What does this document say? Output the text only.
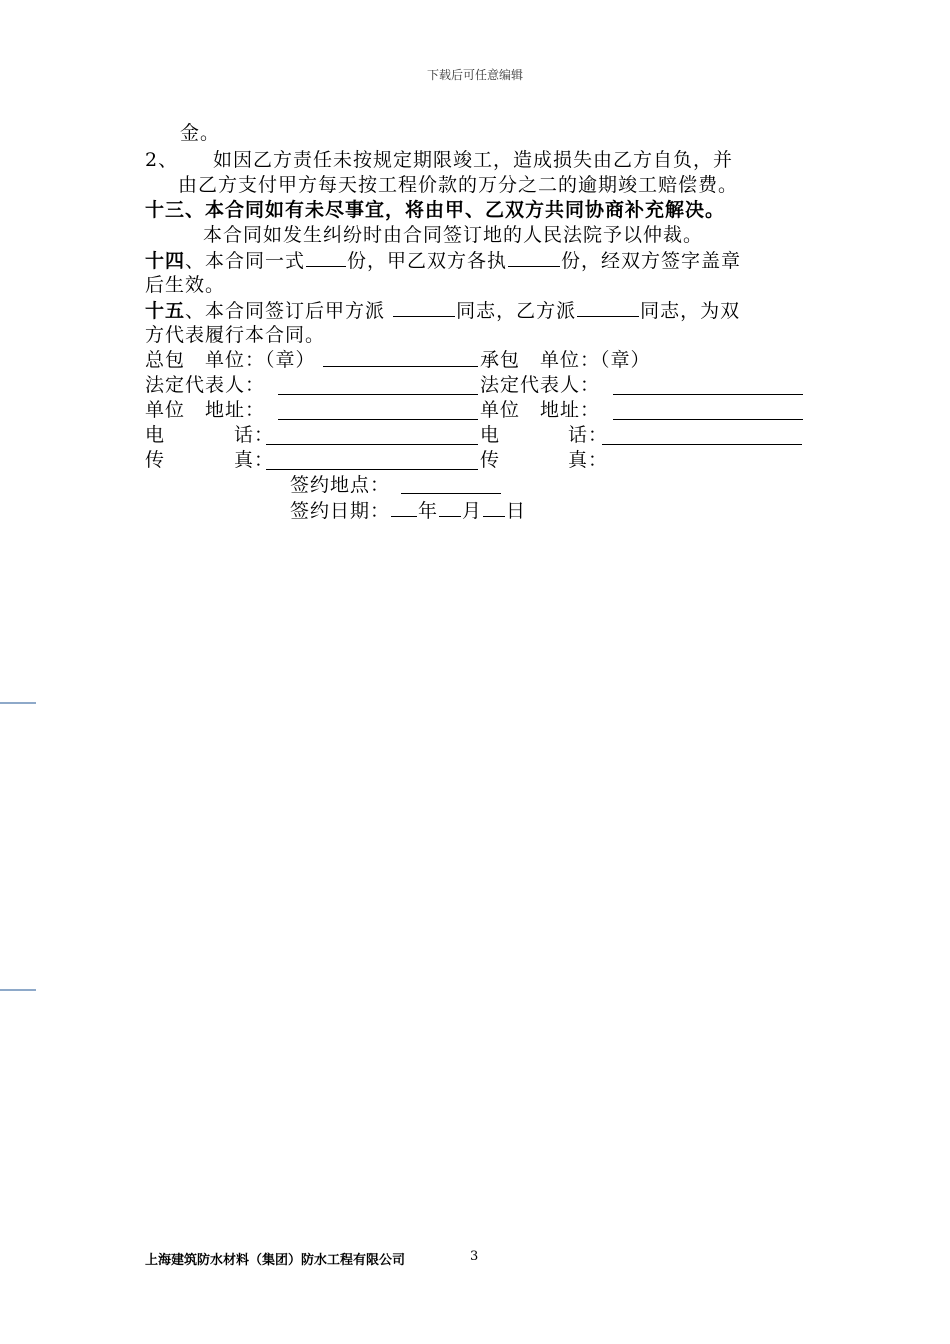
下载后可任意编辑
金。
2、 如因乙方责任未按规定期限竣工，造成损失由乙方自负，并
由乙方支付甲方每天按工程价款的万分之二的逾期竣工赔偿费。
十三、本合同如有未尽事宜，将由甲、乙双方共同协商补充解决。
本合同如发生纠纷时由合同签订地的人民法院予以仲裁。
十四、本合同一式 份，甲乙双方各执	份，经双方签字盖章
后生效。
十五、本合同签订后甲方派	同志，乙方派	同志，为双
方代表履行本合同。
总包　单位：（章）	承包　单位：（章）
法定代表人：	法定代表人：
单位　地址：	单位　地址：
电	话：	电	话：
传	真：	传	真：
签约地点：
签约日期： 年 月 日
上海建筑防水材料（集团）防水工程有限公司	3
